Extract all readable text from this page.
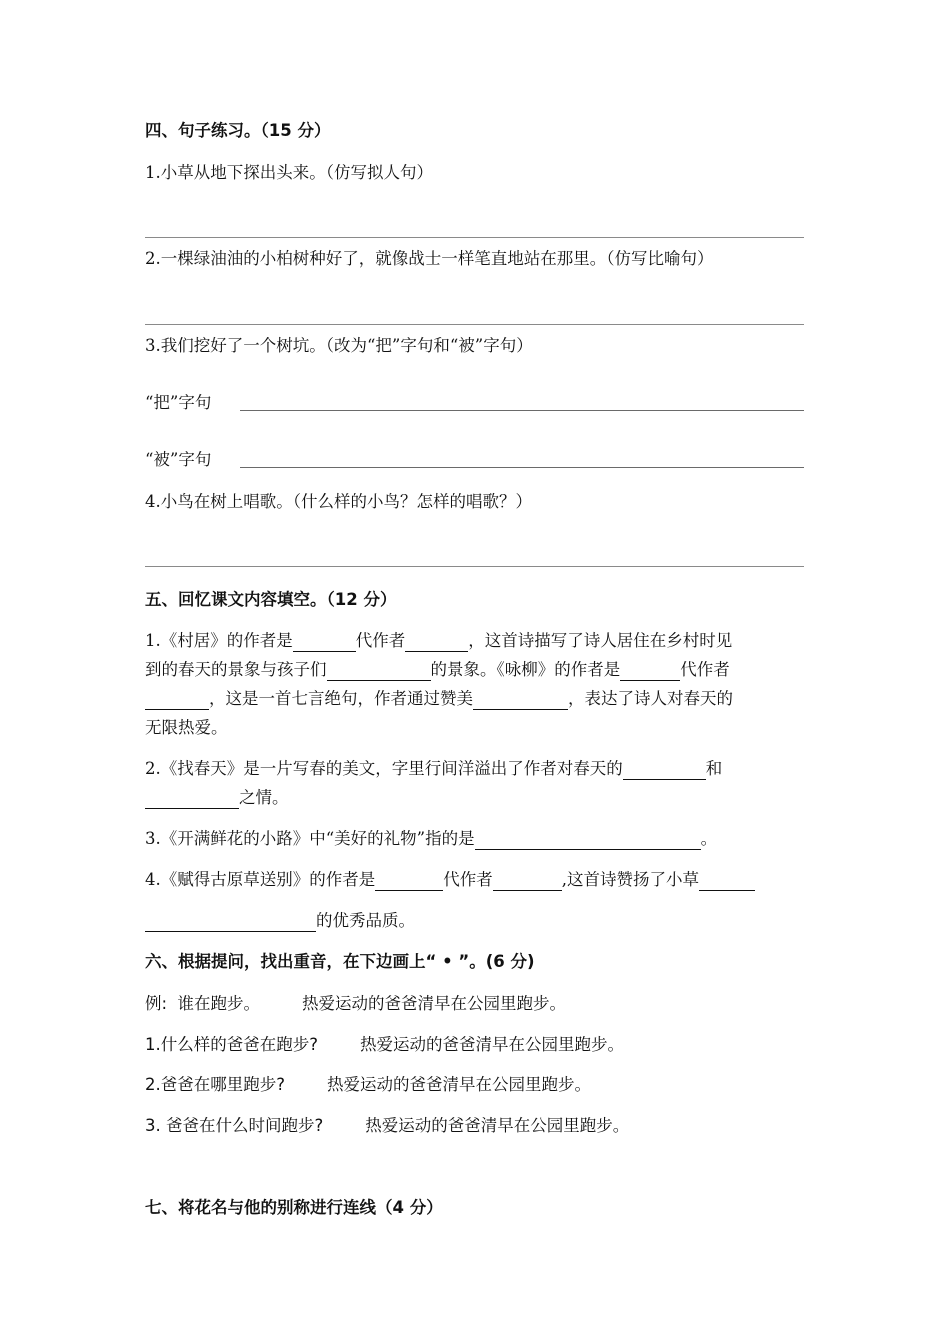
四、句子练习。（15 分）
1.小草从地下探出头来。（仿写拟人句）
2.一棵绿油油的小柏树种好了，就像战士一样笔直地站在那里。（仿写比喻句）
3.我们挖好了一个树坑。（改为“把”字句和“被”字句）
“把”字句
“被”字句
4.小鸟在树上唱歌。（什么样的小鸟？怎样的唱歌？）
五、回忆课文内容填空。（12 分）
1.《村居》的作者是	代作者	，这首诗描写了诗人居住在乡村时见
到的春天的景象与孩子们	的景象。《咏柳》的作者是	代作者
，这是一首七言绝句，作者通过赞美	，表达了诗人对春天的
无限热爱。
2.《找春天》是一片写春的美文，字里行间洋溢出了作者对春天的	和
之情。
3.《开满鲜花的小路》中“美好的礼物”指的是	。
4.《赋得古原草送别》的作者是	代作者	,这首诗赞扬了小草
的优秀品质。
六、根据提问，找出重音，在下边画上“ • ”。(6 分)
例:  谁在跑步。        热爱运动的爸爸清早在公园里跑步。
1.什么样的爸爸在跑步?        热爱运动的爸爸清早在公园里跑步。
2.爸爸在哪里跑步?        热爱运动的爸爸清早在公园里跑步。
3. 爸爸在什么时间跑步?        热爱运动的爸爸清早在公园里跑步。
七、将花名与他的别称进行连线（4 分）
